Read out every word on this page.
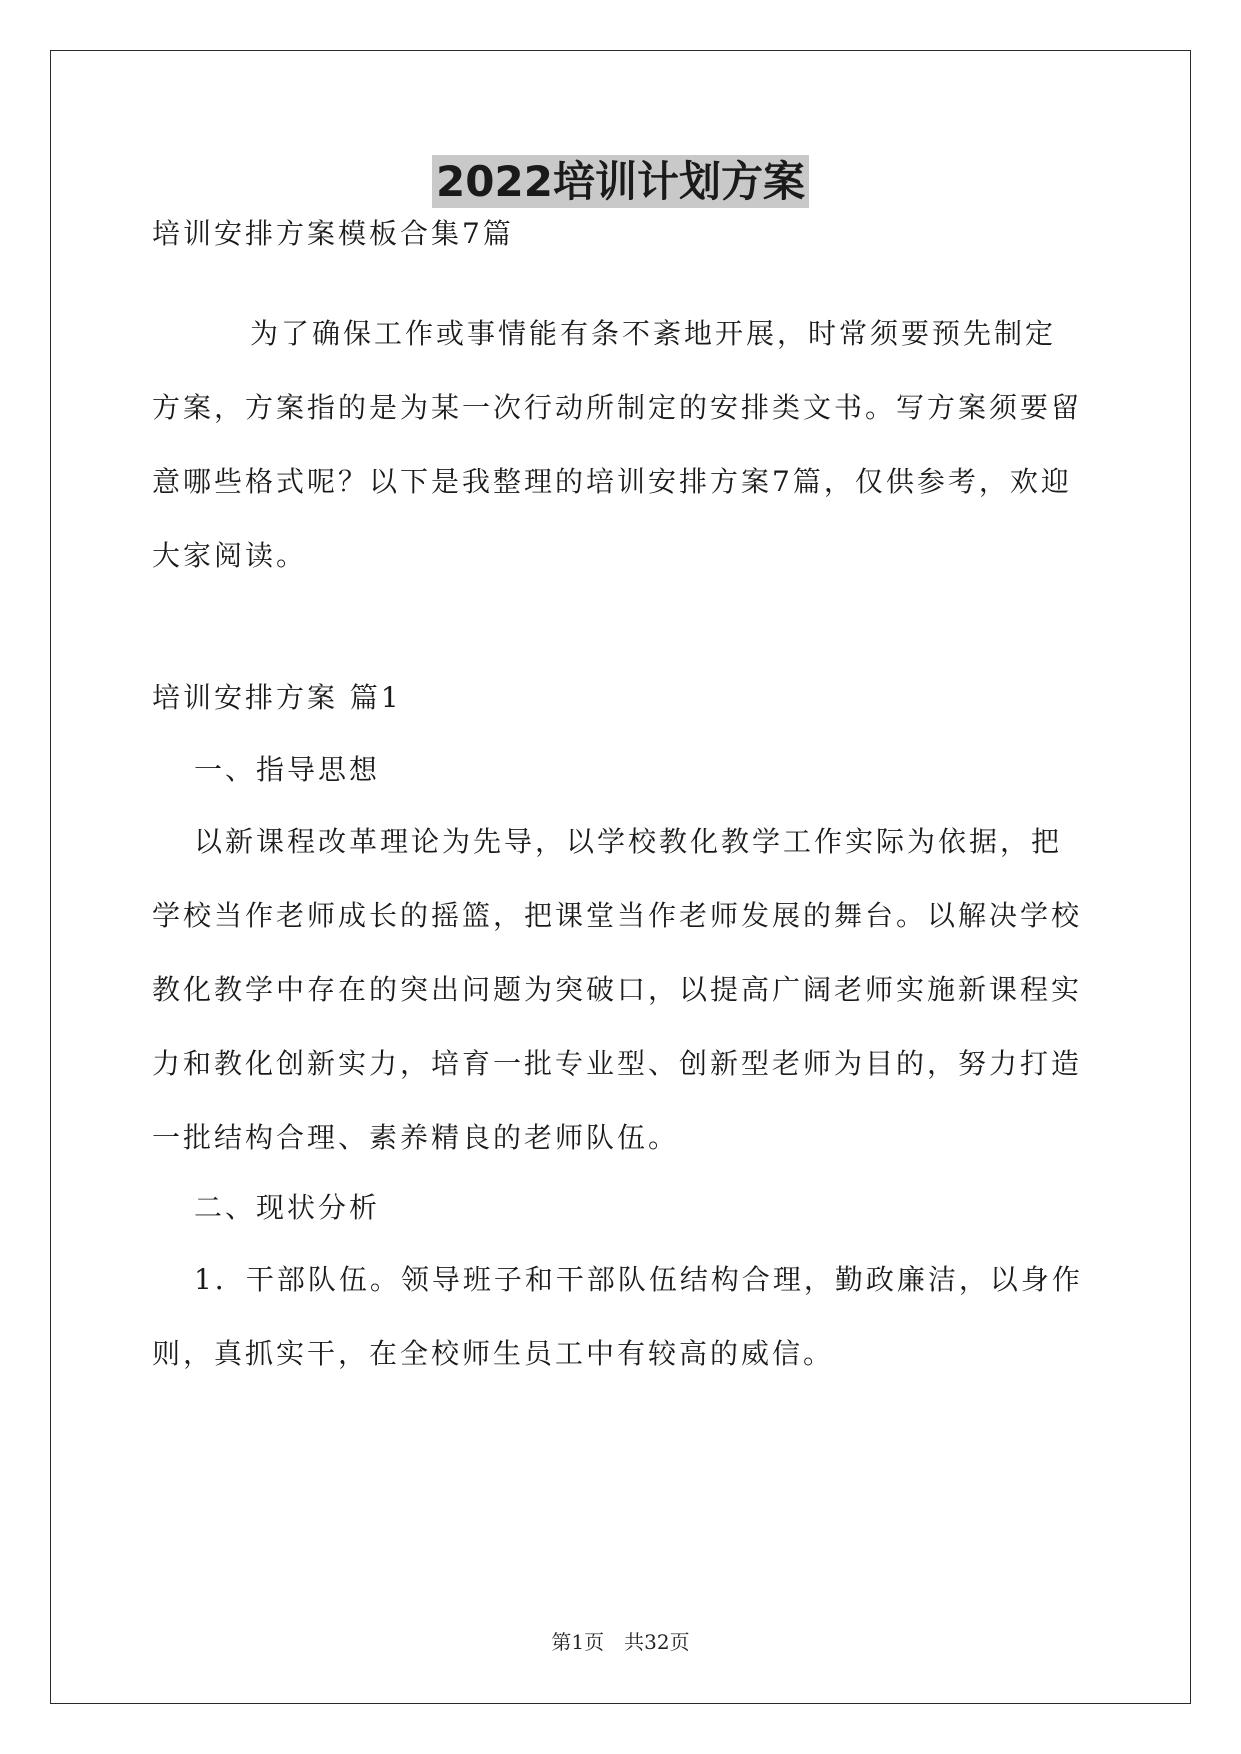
2022培训计划方案
培训安排方案模板合集7篇
为了确保工作或事情能有条不紊地开展，时常须要预先制定
方案，方案指的是为某一次行动所制定的安排类文书。写方案须要留
意哪些格式呢？以下是我整理的培训安排方案7篇，仅供参考，欢迎
大家阅读。
培训安排方案 篇1
一、指导思想
以新课程改革理论为先导，以学校教化教学工作实际为依据，把
学校当作老师成长的摇篮，把课堂当作老师发展的舞台。以解决学校
教化教学中存在的突出问题为突破口，以提高广阔老师实施新课程实
力和教化创新实力，培育一批专业型、创新型老师为目的，努力打造
一批结构合理、素养精良的老师队伍。
二、现状分析
1．干部队伍。领导班子和干部队伍结构合理，勤政廉洁，以身作
则，真抓实干，在全校师生员工中有较高的威信。
第1页　共32页
